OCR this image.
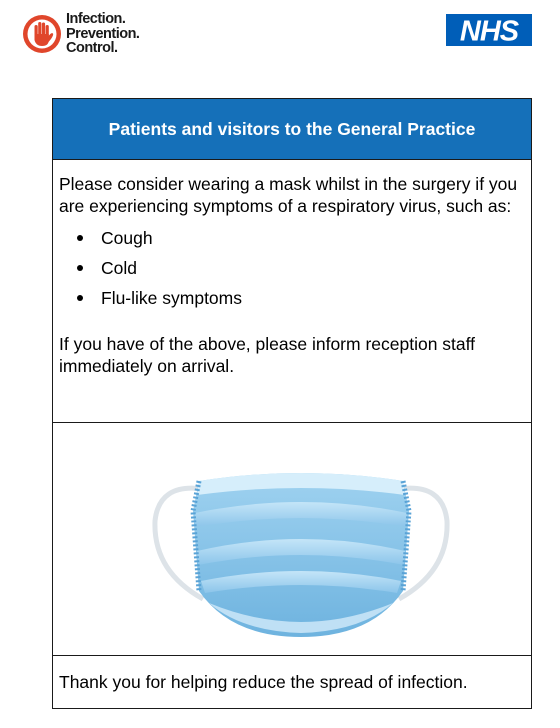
Infection.
Prevention.
Control.
NHS
Patients and visitors to the General Practice

Please consider wearing a mask whilst in the surgery if you are experiencing symptoms of a respiratory virus, such as:

Cough
Cold
Flu-like symptoms

If you have of the above, please inform reception staff immediately on arrival.

Thank you for helping reduce the spread of infection.
